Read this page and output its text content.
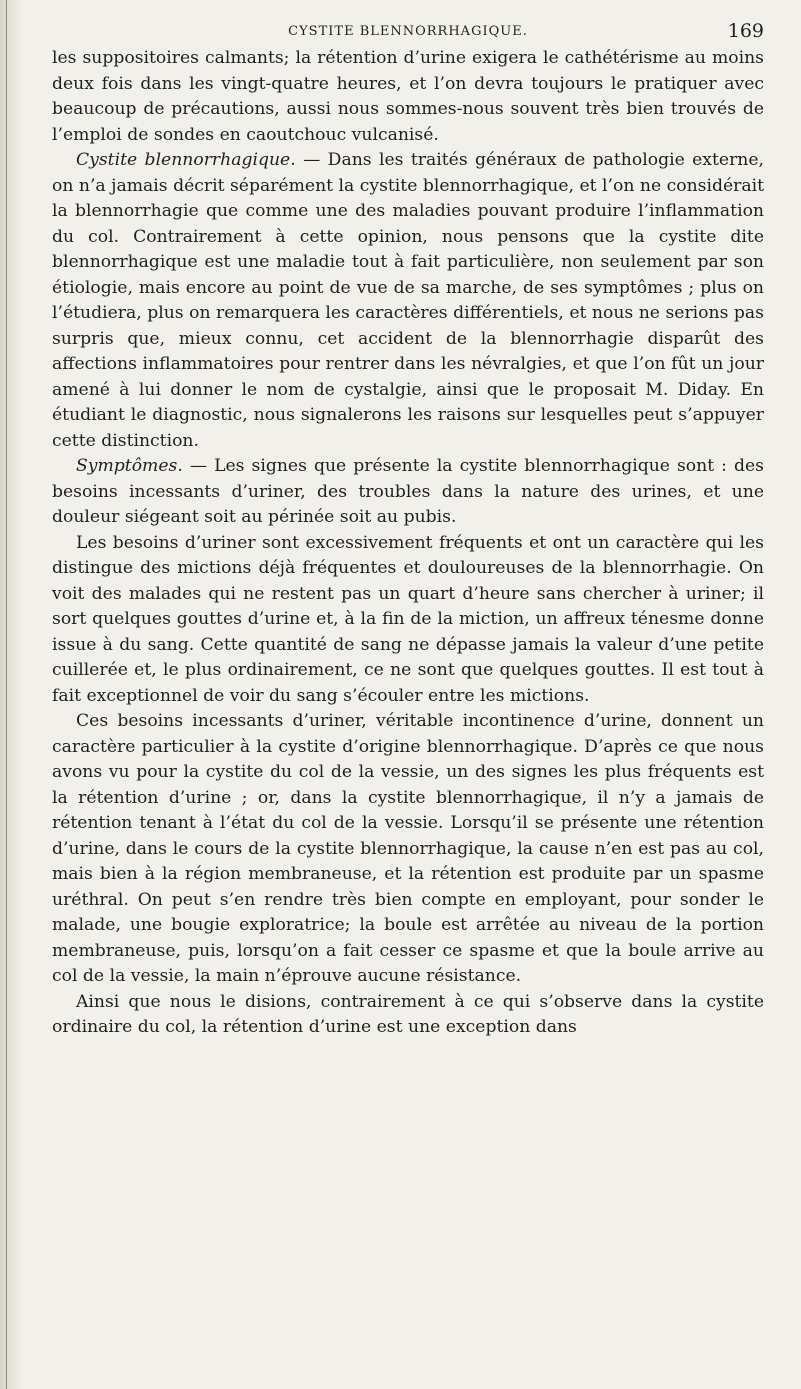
CYSTITE BLENNORRHAGIQUE.	169

les suppositoires calmants; la rétention d’urine exigera le cathétérisme au moins deux fois dans les vingt-quatre heures, et l’on devra toujours le pratiquer avec beaucoup de précautions, aussi nous sommes-nous souvent très bien trouvés de l’emploi de sondes en caoutchouc vulcanisé.

Cystite blennorrhagique. — Dans les traités généraux de pathologie externe, on n’a jamais décrit séparément la cystite blennorrhagique, et l’on ne considérait la blennorrhagie que comme une des maladies pouvant produire l’inflammation du col. Contrairement à cette opinion, nous pensons que la cystite dite blennorrhagique est une maladie tout à fait particulière, non seulement par son étiologie, mais encore au point de vue de sa marche, de ses symptômes ; plus on l’étudiera, plus on remarquera les caractères différentiels, et nous ne serions pas surpris que, mieux connu, cet accident de la blennorrhagie disparût des affections inflammatoires pour rentrer dans les névralgies, et que l’on fût un jour amené à lui donner le nom de cystalgie, ainsi que le proposait M. Diday. En étudiant le diagnostic, nous signalerons les raisons sur lesquelles peut s’appuyer cette distinction.

Symptômes. — Les signes que présente la cystite blennorrhagique sont : des besoins incessants d’uriner, des troubles dans la nature des urines, et une douleur siégeant soit au périnée soit au pubis.

Les besoins d’uriner sont excessivement fréquents et ont un caractère qui les distingue des mictions déjà fréquentes et douloureuses de la blennorrhagie. On voit des malades qui ne restent pas un quart d’heure sans chercher à uriner; il sort quelques gouttes d’urine et, à la fin de la miction, un affreux ténesme donne issue à du sang. Cette quantité de sang ne dépasse jamais la valeur d’une petite cuillerée et, le plus ordinairement, ce ne sont que quelques gouttes. Il est tout à fait exceptionnel de voir du sang s’écouler entre les mictions.

Ces besoins incessants d’uriner, véritable incontinence d’urine, donnent un caractère particulier à la cystite d’origine blennorrhagique. D’après ce que nous avons vu pour la cystite du col de la vessie, un des signes les plus fréquents est la rétention d’urine ; or, dans la cystite blennorrhagique, il n’y a jamais de rétention tenant à l’état du col de la vessie. Lorsqu’il se présente une rétention d’urine, dans le cours de la cystite blennorrhagique, la cause n’en est pas au col, mais bien à la région membraneuse, et la rétention est produite par un spasme uréthral. On peut s’en rendre très bien compte en employant, pour sonder le malade, une bougie exploratrice; la boule est arrêtée au niveau de la portion membraneuse, puis, lorsqu’on a fait cesser ce spasme et que la boule arrive au col de la vessie, la main n’éprouve aucune résistance.

Ainsi que nous le disions, contrairement à ce qui s’observe dans la cystite ordinaire du col, la rétention d’urine est une exception dans
